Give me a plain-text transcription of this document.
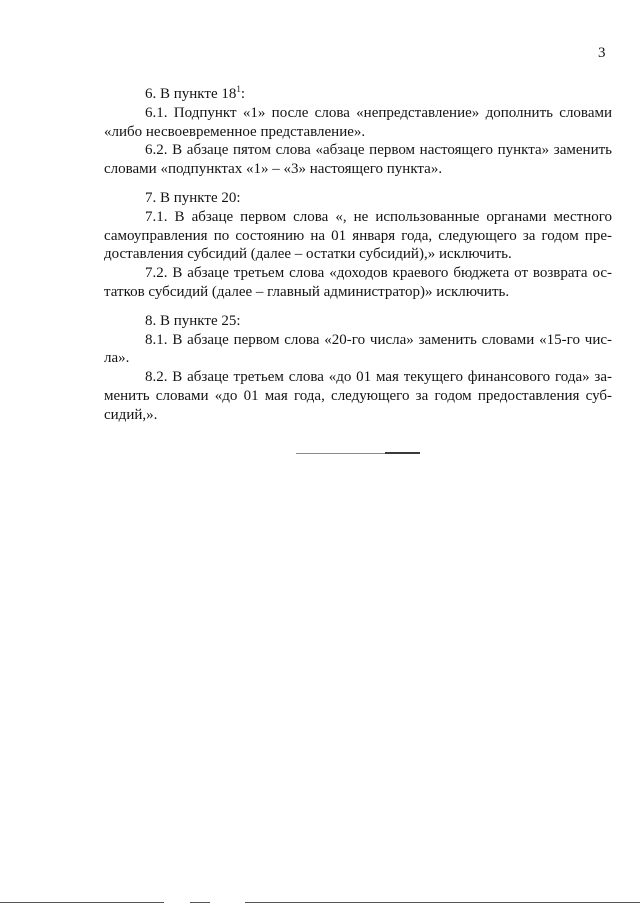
3
6. В пункте $18^1$:
6.1. Подпункт «1» после слова «непредставление» дополнить словами
«либо несвоевременное представление».
6.2. В абзаце пятом слова «абзаце первом настоящего пункта» заменить
словами «подпунктах «1» – «3» настоящего пункта».
7. В пункте 20:
7.1. В абзаце первом слова «, не использованные органами местного
самоуправления по состоянию на 01 января года, следующего за годом пре-
доставления субсидий (далее – остатки субсидий),» исключить.
7.2. В абзаце третьем слова «доходов краевого бюджета от возврата ос-
татков субсидий (далее – главный администратор)» исключить.
8. В пункте 25:
8.1. В абзаце первом слова «20-го числа» заменить словами «15-го чис-
ла».
8.2. В абзаце третьем слова «до 01 мая текущего финансового года» за-
менить словами «до 01 мая года, следующего за годом предоставления суб-
сидий,».
